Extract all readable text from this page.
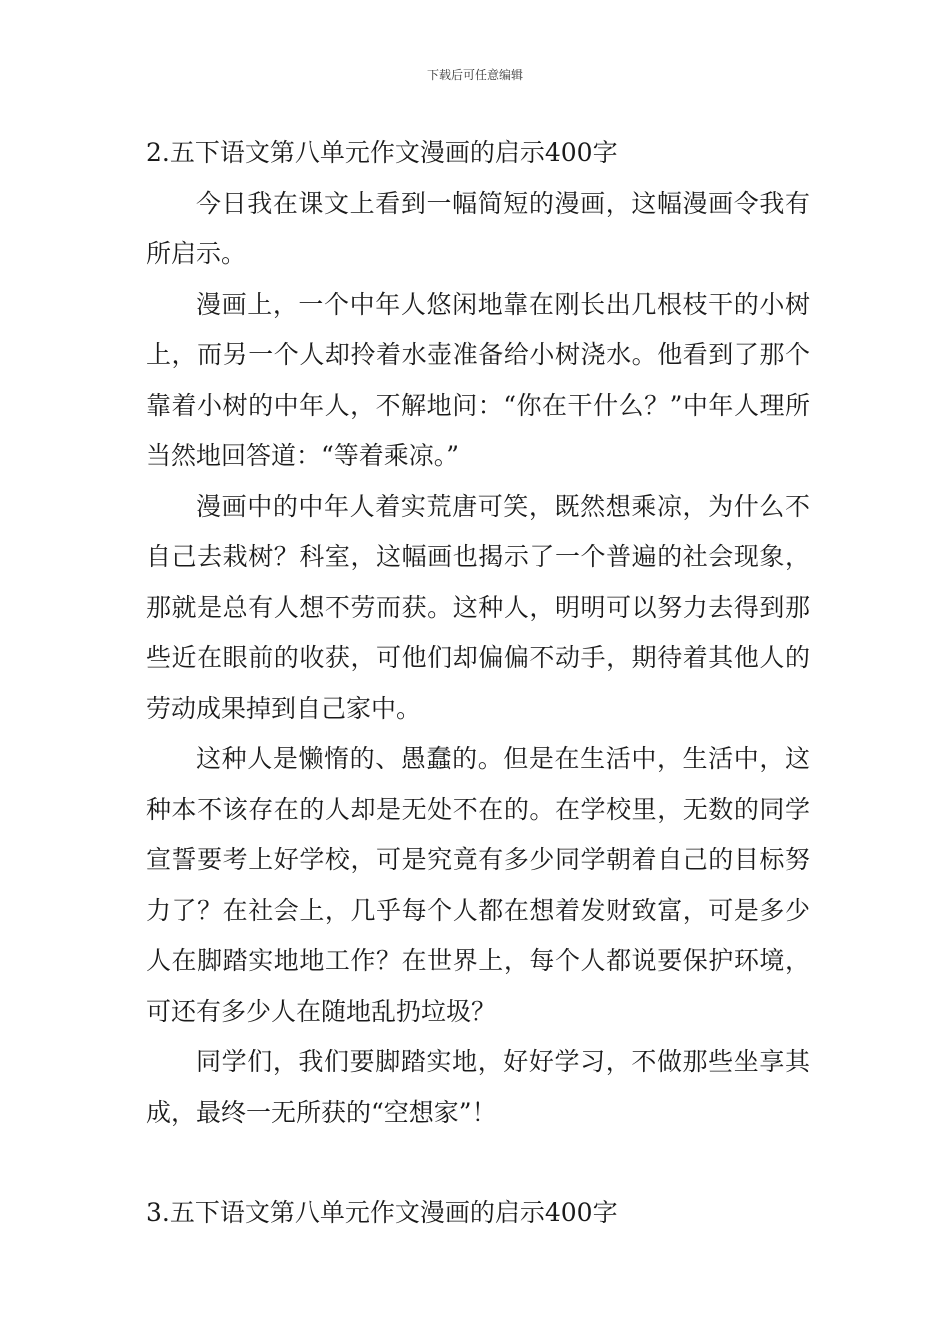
下载后可任意编辑

2.五下语文第八单元作文漫画的启示400字

今日我在课文上看到一幅简短的漫画，这幅漫画令我有所启示。

漫画上，一个中年人悠闲地靠在刚长出几根枝干的小树上，而另一个人却拎着水壶准备给小树浇水。他看到了那个靠着小树的中年人，不解地问：“你在干什么？”中年人理所当然地回答道：“等着乘凉。”

漫画中的中年人着实荒唐可笑，既然想乘凉，为什么不自己去栽树？科室，这幅画也揭示了一个普遍的社会现象，那就是总有人想不劳而获。这种人，明明可以努力去得到那些近在眼前的收获，可他们却偏偏不动手，期待着其他人的劳动成果掉到自己家中。

这种人是懒惰的、愚蠢的。但是在生活中，生活中，这种本不该存在的人却是无处不在的。在学校里，无数的同学宣誓要考上好学校，可是究竟有多少同学朝着自己的目标努力了？在社会上，几乎每个人都在想着发财致富，可是多少人在脚踏实地地工作？在世界上，每个人都说要保护环境，可还有多少人在随地乱扔垃圾？

同学们，我们要脚踏实地，好好学习，不做那些坐享其成，最终一无所获的“空想家”！

3.五下语文第八单元作文漫画的启示400字
